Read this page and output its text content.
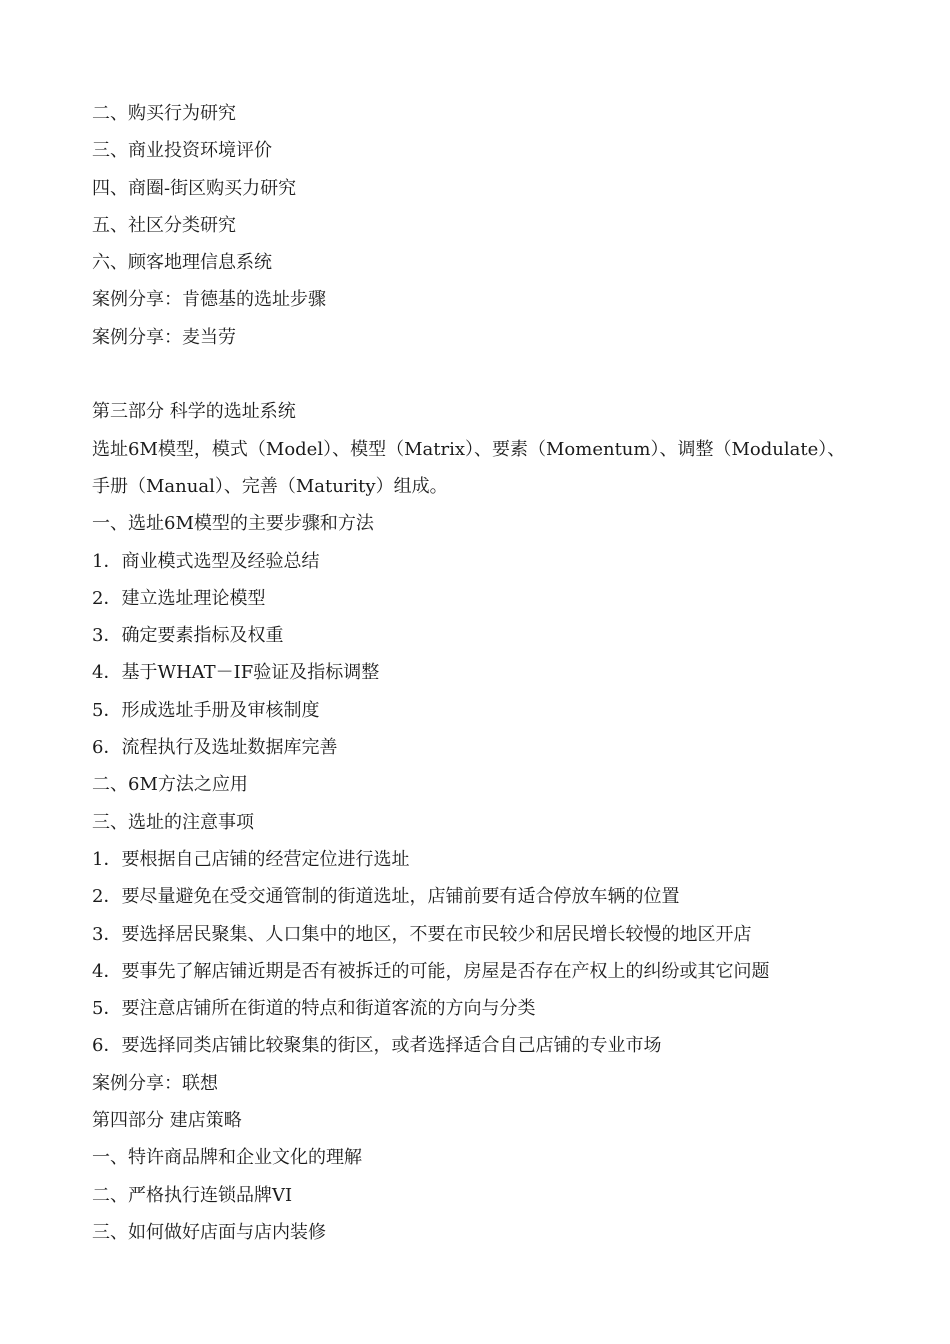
二、购买行为研究
三、商业投资环境评价
四、商圈-街区购买力研究
五、社区分类研究
六、顾客地理信息系统
案例分享：肯德基的选址步骤
案例分享：麦当劳
第三部分 科学的选址系统
选址6M模型，模式（Model）、模型（Matrix）、要素（Momentum）、调整（Modulate）、
手册（Manual）、完善（Maturity）组成。
一、选址6M模型的主要步骤和方法
1．商业模式选型及经验总结
2．建立选址理论模型
3．确定要素指标及权重
4．基于WHAT－IF验证及指标调整
5．形成选址手册及审核制度
6．流程执行及选址数据库完善
二、6M方法之应用
三、选址的注意事项
1．要根据自己店铺的经营定位进行选址
2．要尽量避免在受交通管制的街道选址，店铺前要有适合停放车辆的位置
3．要选择居民聚集、人口集中的地区，不要在市民较少和居民增长较慢的地区开店
4．要事先了解店铺近期是否有被拆迁的可能，房屋是否存在产权上的纠纷或其它问题
5．要注意店铺所在街道的特点和街道客流的方向与分类
6．要选择同类店铺比较聚集的街区，或者选择适合自己店铺的专业市场
案例分享：联想
第四部分 建店策略
一、特许商品牌和企业文化的理解
二、严格执行连锁品牌VI
三、如何做好店面与店内装修
